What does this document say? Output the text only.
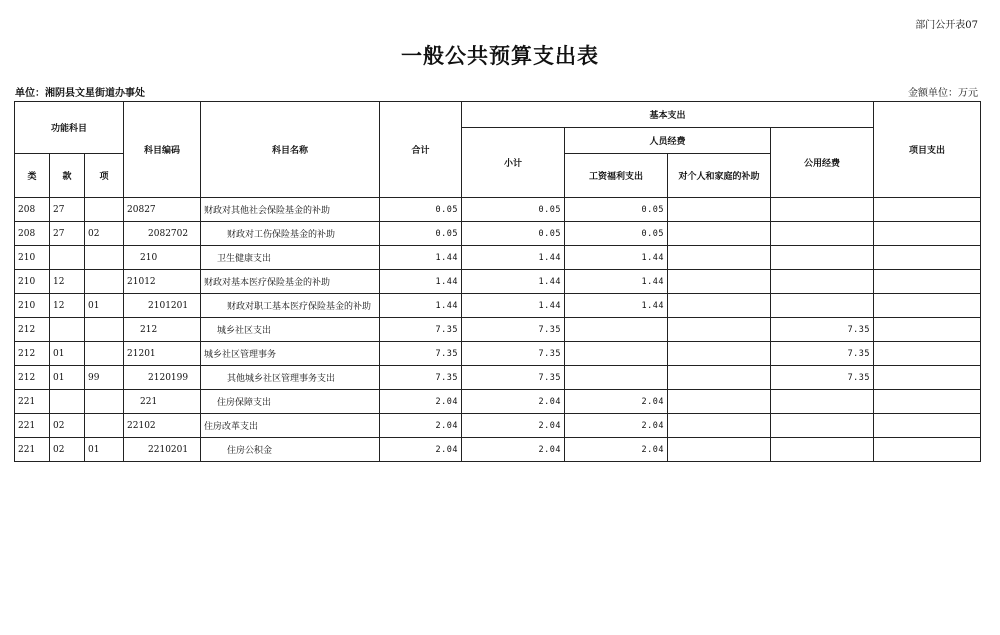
部门公开表07
一般公共预算支出表
单位：湘阴县文星街道办事处	金额单位：万元
功能科目			科目编码	科目名称	合计	基本支出				项目支出
						小计	人员经费		公用经费	
类	款	项					工资福利支出	对个人和家庭的补助		
208	27		20827	财政对其他社会保险基金的补助	0.05	0.05	0.05			
208	27	02	2082702	财政对工伤保险基金的补助	0.05	0.05	0.05			
210			210	卫生健康支出	1.44	1.44	1.44			
210	12		21012	财政对基本医疗保险基金的补助	1.44	1.44	1.44			
210	12	01	2101201	财政对职工基本医疗保险基金的补助	1.44	1.44	1.44			
212			212	城乡社区支出	7.35	7.35			7.35	
212	01		21201	城乡社区管理事务	7.35	7.35			7.35	
212	01	99	2120199	其他城乡社区管理事务支出	7.35	7.35			7.35	
221			221	住房保障支出	2.04	2.04	2.04			
221	02		22102	住房改革支出	2.04	2.04	2.04			
221	02	01	2210201	住房公积金	2.04	2.04	2.04			
